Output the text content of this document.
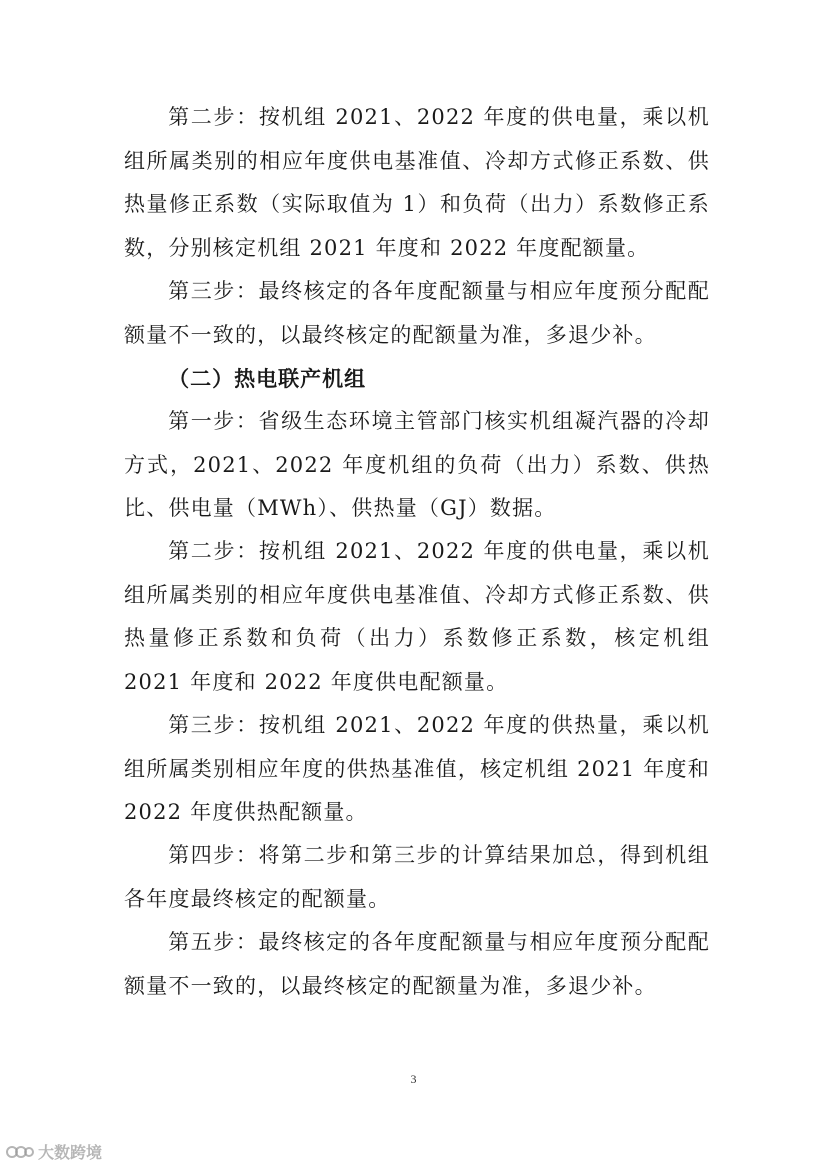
第二步：按机组 2021、2022 年度的供电量，乘以机组所属类别的相应年度供电基准值、冷却方式修正系数、供热量修正系数（实际取值为 1）和负荷（出力）系数修正系数，分别核定机组 2021 年度和 2022 年度配额量。

第三步：最终核定的各年度配额量与相应年度预分配配额量不一致的，以最终核定的配额量为准，多退少补。

（二）热电联产机组

第一步：省级生态环境主管部门核实机组凝汽器的冷却方式，2021、2022 年度机组的负荷（出力）系数、供热比、供电量（MWh）、供热量（GJ）数据。

第二步：按机组 2021、2022 年度的供电量，乘以机组所属类别的相应年度供电基准值、冷却方式修正系数、供热量修正系数和负荷（出力）系数修正系数，核定机组 2021 年度和 2022 年度供电配额量。

第三步：按机组 2021、2022 年度的供热量，乘以机组所属类别相应年度的供热基准值，核定机组 2021 年度和 2022 年度供热配额量。

第四步：将第二步和第三步的计算结果加总，得到机组各年度最终核定的配额量。

第五步：最终核定的各年度配额量与相应年度预分配配额量不一致的，以最终核定的配额量为准，多退少补。

3
大数跨境
